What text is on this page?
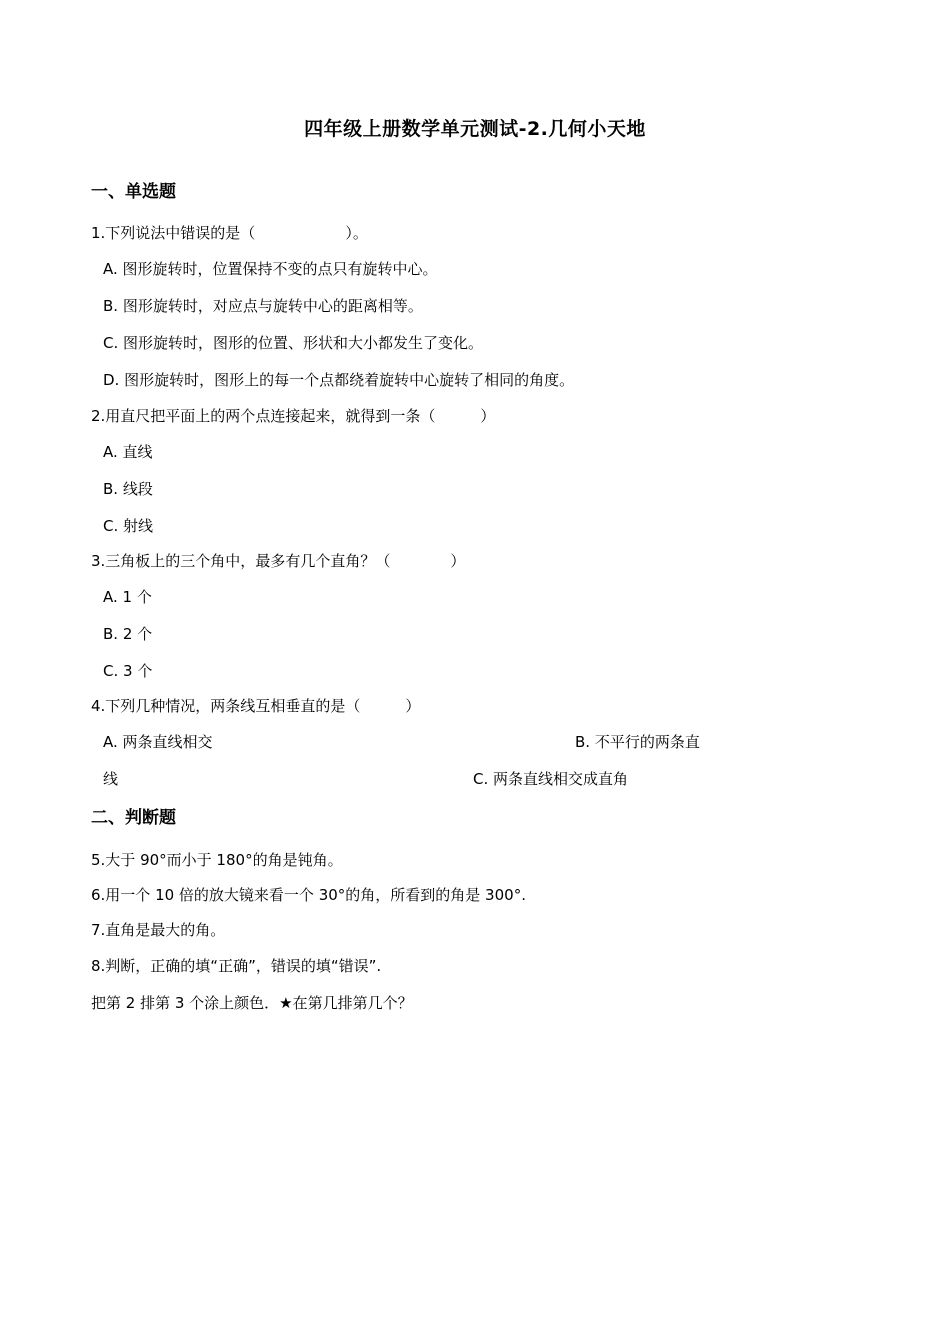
四年级上册数学单元测试-2.几何小天地
一、单选题
1.下列说法中错误的是（　　　　　　）。
A. 图形旋转时，位置保持不变的点只有旋转中心。
B. 图形旋转时，对应点与旋转中心的距离相等。
C. 图形旋转时，图形的位置、形状和大小都发生了变化。
D. 图形旋转时，图形上的每一个点都绕着旋转中心旋转了相同的角度。
2.用直尺把平面上的两个点连接起来，就得到一条（　　　）
A. 直线
B. 线段
C. 射线
3.三角板上的三个角中，最多有几个直角？（　　　　）
A. 1 个
B. 2 个
C. 3 个
4.下列几种情况，两条线互相垂直的是（　　　）
A. 两条直线相交	B. 不平行的两条直
线	C. 两条直线相交成直角
二、判断题
5.大于 90°而小于 180°的角是钝角。
6.用一个 10 倍的放大镜来看一个 30°的角，所看到的角是 300°.
7.直角是最大的角。
8.判断，正确的填“正确”，错误的填“错误”.
把第 2 排第 3 个涂上颜色．★在第几排第几个？
